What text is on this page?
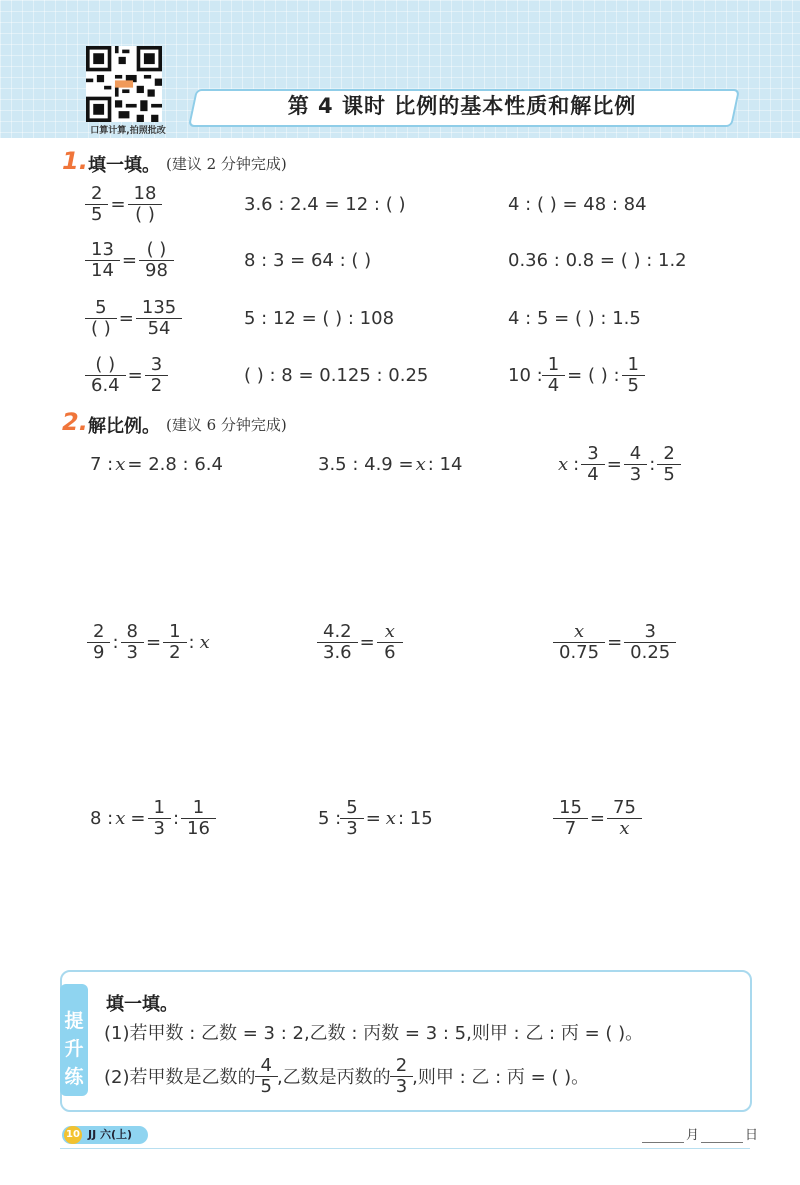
口算计算,拍照批改
第 4 课时 比例的基本性质和解比例
1. 填一填。 (建议 2 分钟完成)
$\frac{2}{5} = \frac{18}{( )}$	3.6 : 2.4 = 12 : ( )	4 : ( ) = 48 : 84
$\frac{13}{14} = \frac{( )}{98}$	8 : 3 = 64 : ( )	0.36 : 0.8 = ( ) : 1.2
$\frac{5}{( )} = \frac{135}{54}$	5 : 12 = ( ) : 108	4 : 5 = ( ) : 1.5
$\frac{( )}{6.4} = \frac{3}{2}$	( ) : 8 = 0.125 : 0.25	10 : $\frac{1}{4}$ = ( ) : $\frac{1}{5}$
2. 解比例。 (建议 6 分钟完成)
7 : x = 2.8 : 6.4	3.5 : 4.9 = x : 14	x : $\frac{3}{4} = \frac{4}{3}$ : $\frac{2}{5}$
$\frac{2}{9}$ : $\frac{8}{3} = \frac{1}{2}$ : x	$\frac{4.2}{3.6} = \frac{x}{6}$	$\frac{x}{0.75} = \frac{3}{0.25}$
8 : $x = \frac{1}{3}$ : $\frac{1}{16}$	5 : $\frac{5}{3} = x$ : 15	$\frac{15}{7} = \frac{75}{x}$
提
升
练
填一填。
(1)若甲数 : 乙数 = 3 : 2,乙数 : 丙数 = 3 : 5,则甲 : 乙 : 丙 = ( )。
(2)若甲数是乙数的 $\frac{4}{5}$ ,乙数是丙数的 $\frac{2}{3}$ ,则甲 : 乙 : 丙 = ( )。
10 JJ 六(上)	月	日
